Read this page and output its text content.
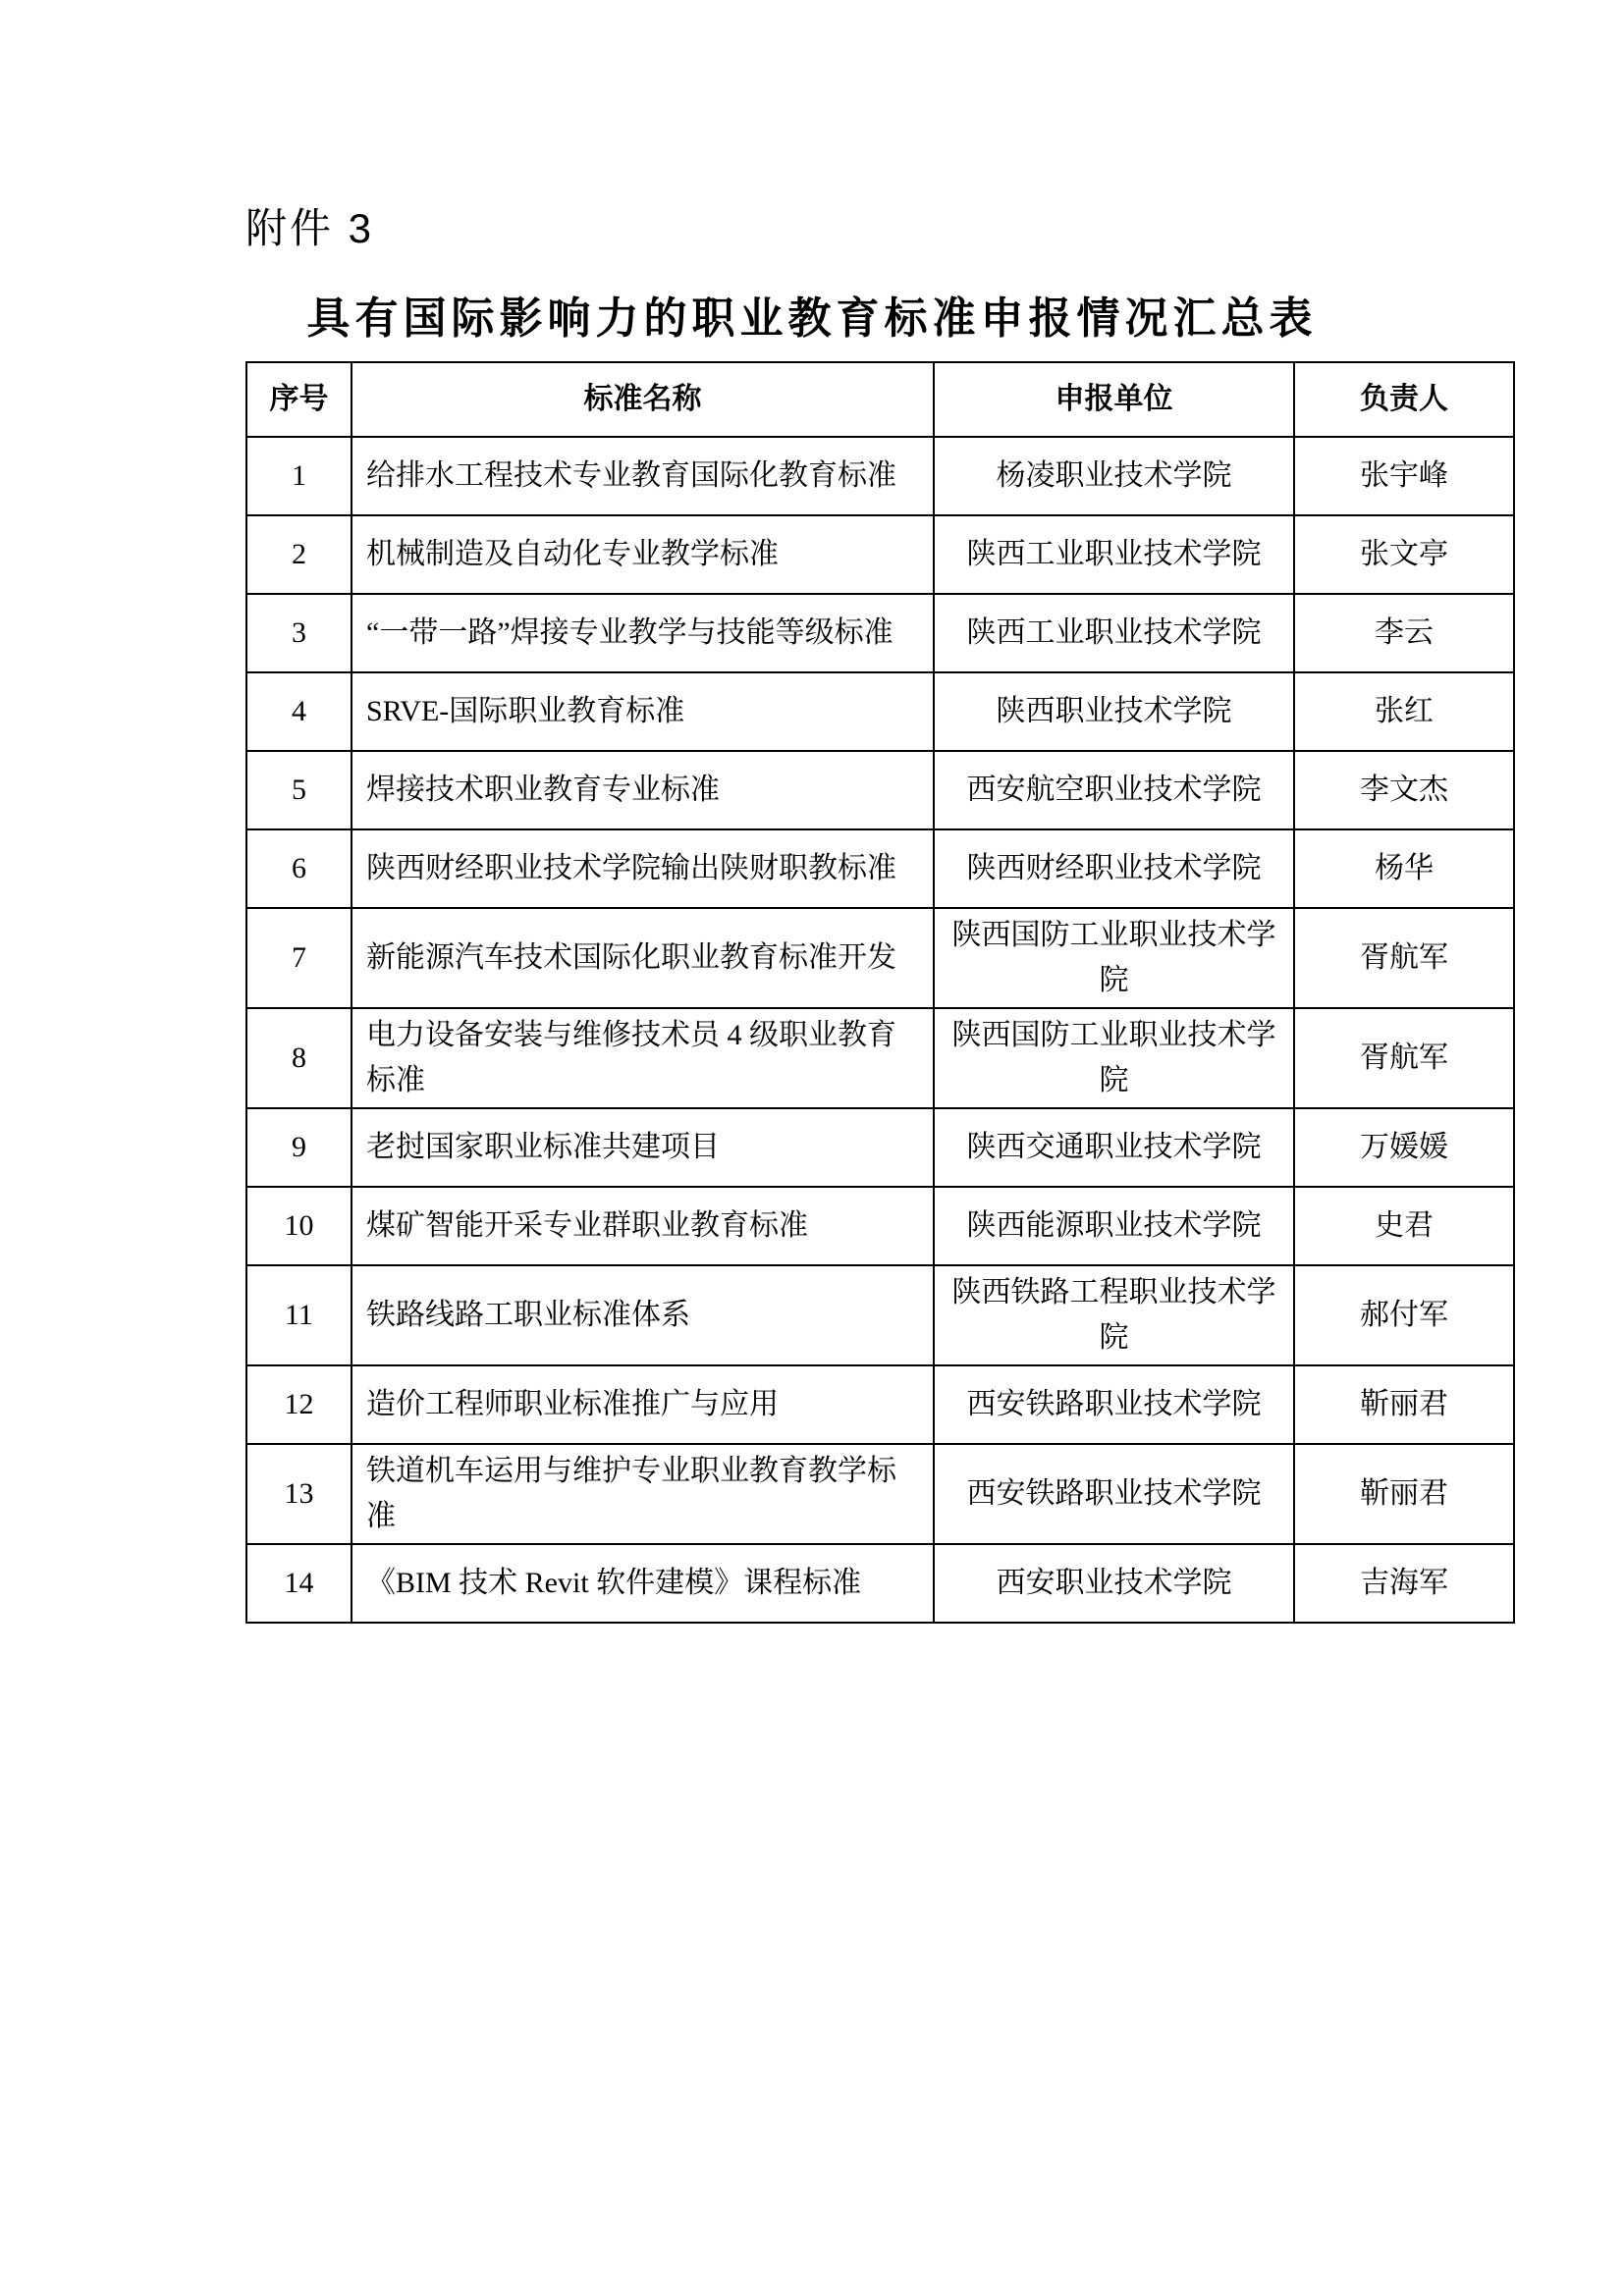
附件 3
具有国际影响力的职业教育标准申报情况汇总表
序号	标准名称	申报单位	负责人
1	给排水工程技术专业教育国际化教育标准	杨凌职业技术学院	张宇峰
2	机械制造及自动化专业教学标准	陕西工业职业技术学院	张文亭
3	“一带一路”焊接专业教学与技能等级标准	陕西工业职业技术学院	李云
4	SRVE-国际职业教育标准	陕西职业技术学院	张红
5	焊接技术职业教育专业标准	西安航空职业技术学院	李文杰
6	陕西财经职业技术学院输出陕财职教标准	陕西财经职业技术学院	杨华
7	新能源汽车技术国际化职业教育标准开发	陕西国防工业职业技术学院	胥航军
8	电力设备安装与维修技术员 4 级职业教育标准	陕西国防工业职业技术学院	胥航军
9	老挝国家职业标准共建项目	陕西交通职业技术学院	万媛媛
10	煤矿智能开采专业群职业教育标准	陕西能源职业技术学院	史君
11	铁路线路工职业标准体系	陕西铁路工程职业技术学院	郝付军
12	造价工程师职业标准推广与应用	西安铁路职业技术学院	靳丽君
13	铁道机车运用与维护专业职业教育教学标准	西安铁路职业技术学院	靳丽君
14	《BIM 技术 Revit 软件建模》课程标准	西安职业技术学院	吉海军
